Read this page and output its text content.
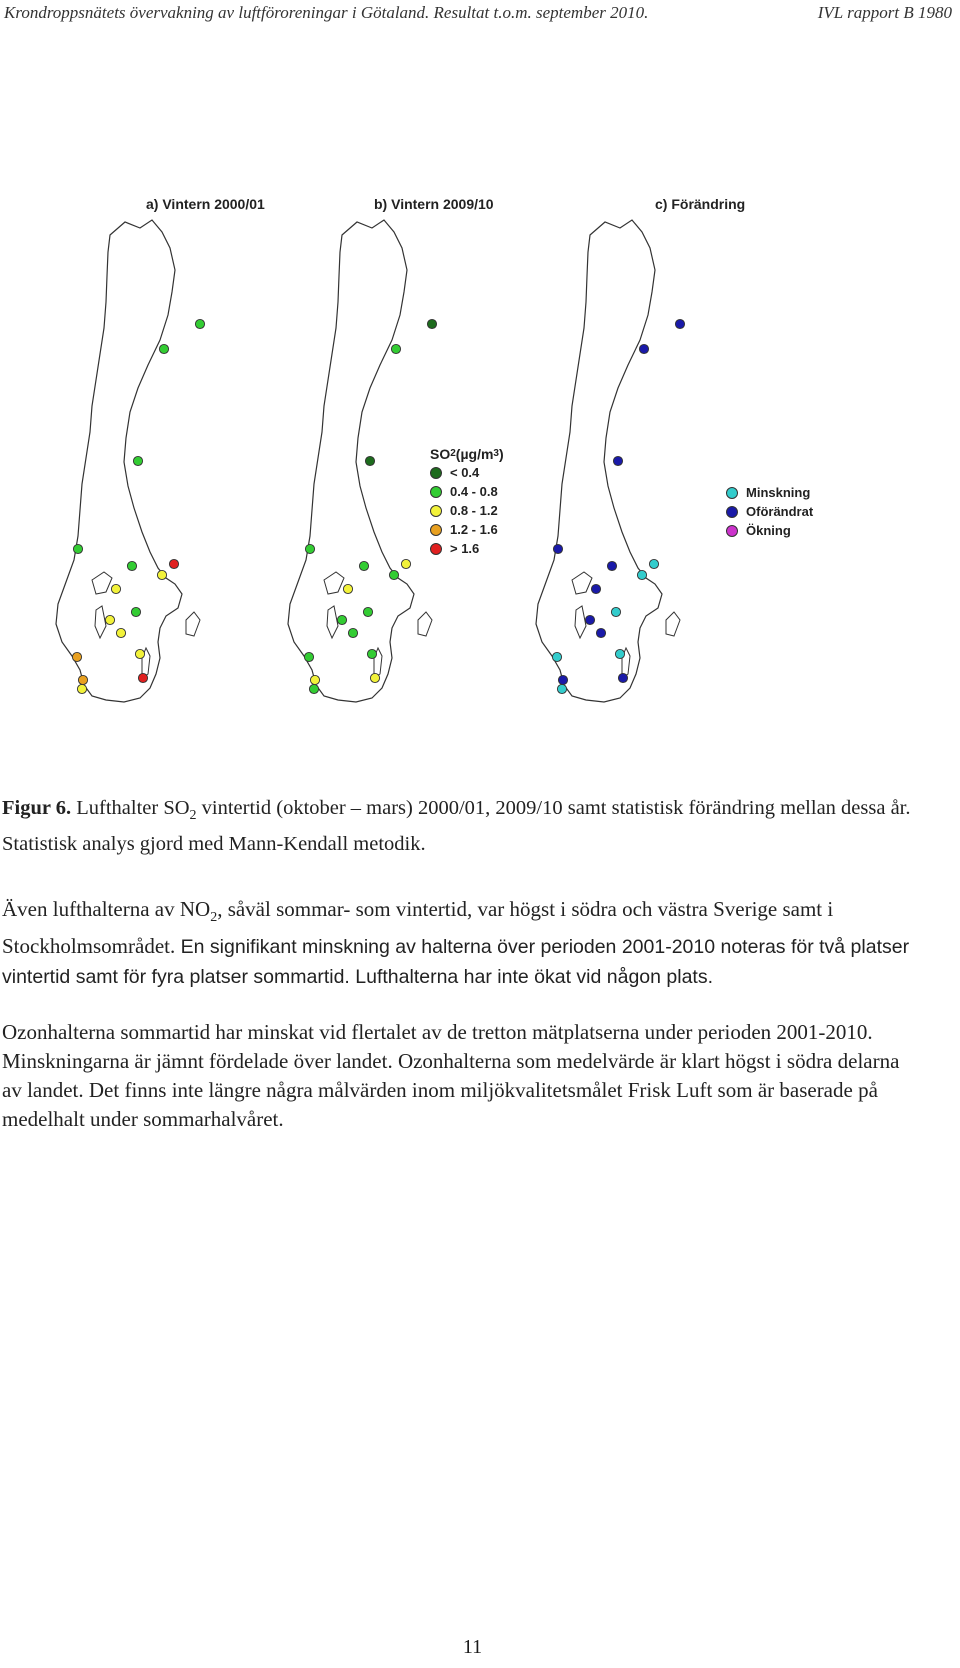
Krondroppsnätets övervakning av luftföroreningar i Götaland. Resultat t.o.m. september 2010.	IVL rapport B 1980
a) Vintern 2000/01	b) Vintern 2009/10	c) Förändring
SO 2 (µg/m 3 )
< 0.4
0.4 - 0.8
0.8 - 1.2
1.2 - 1.6
> 1.6
Minskning
Oförändrat
Ökning
Figur 6. Lufthalter $SO_2$ vintertid (oktober – mars) 2000/01, 2009/10 samt statistisk förändring mellan dessa år. Statistisk analys gjord med Mann-Kendall metodik.

Även lufthalterna av $NO_2$, såväl sommar- som vintertid, var högst i södra och västra Sverige samt i Stockholmsområdet. En signifikant minskning av halterna över perioden 2001-2010 noteras för två platser vintertid samt för fyra platser sommartid. Lufthalterna har inte ökat vid någon plats.

Ozonhalterna sommartid har minskat vid flertalet av de tretton mätplatserna under perioden 2001-2010. Minskningarna är jämnt fördelade över landet. Ozonhalterna som medelvärde är klart högst i södra delarna av landet. Det finns inte längre några målvärden inom miljökvalitetsmålet Frisk Luft som är baserade på medelhalt under sommarhalvåret.

11
